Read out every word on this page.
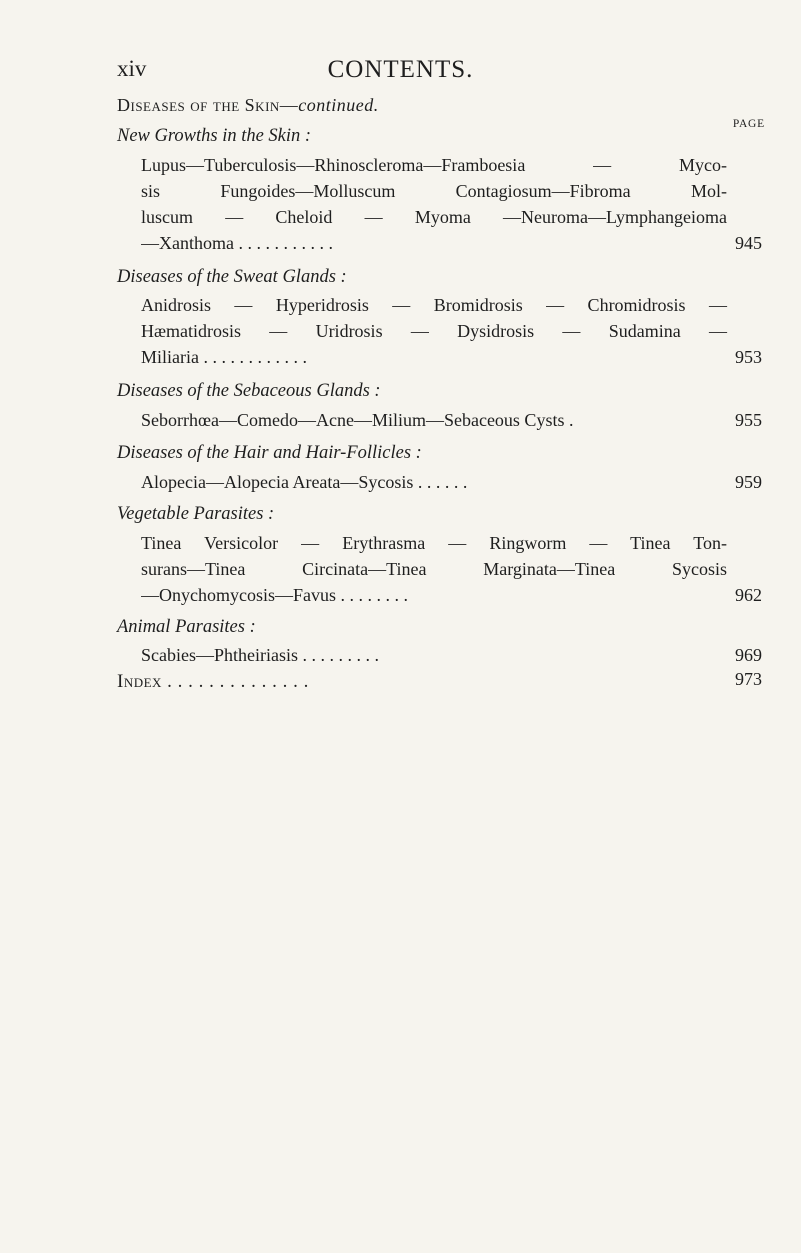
xiv	CONTENTS.
Diseases of the Skin—continued.
PAGE
New Growths in the Skin :
Lupus—Tuberculosis—Rhinoscleroma—Framboesia — Myco-
sis Fungoides—Molluscum Contagiosum—Fibroma Mol-
luscum — Cheloid — Myoma —Neuroma—Lymphangeioma
—Xanthoma . . . . . . . . . . .	945
Diseases of the Sweat Glands :
Anidrosis — Hyperidrosis — Bromidrosis — Chromidrosis —
Hæmatidrosis — Uridrosis — Dysidrosis — Sudamina —
Miliaria . . . . . . . . . . . .	953
Diseases of the Sebaceous Glands :
Seborrhœa—Comedo—Acne—Milium—Sebaceous Cysts .	955
Diseases of the Hair and Hair-Follicles :
Alopecia—Alopecia Areata—Sycosis . . . . . .	959
Vegetable Parasites :
Tinea Versicolor — Erythrasma — Ringworm — Tinea Ton-
surans—Tinea Circinata—Tinea Marginata—Tinea Sycosis
—Onychomycosis—Favus . . . . . . . .	962
Animal Parasites :
Scabies—Phtheiriasis . . . . . . . . .	969
Index . . . . . . . . . . . . . .	973
